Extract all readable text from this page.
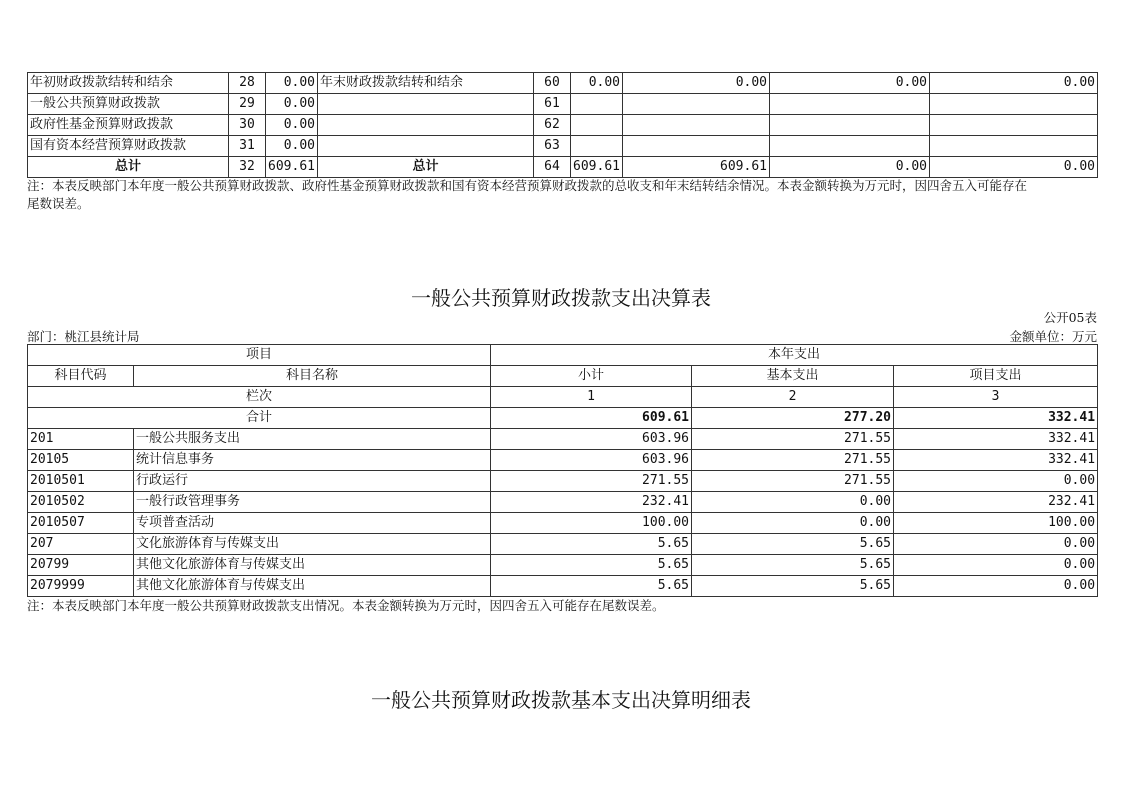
年初财政拨款结转和结余	28	0.00	年末财政拨款结转和结余	60	0.00	0.00	0.00	0.00
一般公共预算财政拨款	29	0.00		61				
政府性基金预算财政拨款	30	0.00		62				
国有资本经营预算财政拨款	31	0.00		63				
总计	32	609.61	总计	64	609.61	609.61	0.00	0.00
注：本表反映部门本年度一般公共预算财政拨款、政府性基金预算财政拨款和国有资本经营预算财政拨款的总收支和年末结转结余情况。本表金额转换为万元时，因四舍五入可能存在
尾数误差。
一般公共预算财政拨款支出决算表
公开05表
部门：桃江县统计局	金额单位：万元
项目		本年支出		
科目代码	科目名称	小计	基本支出	项目支出
栏次		1	2	3
合计		609.61	277.20	332.41
201	一般公共服务支出	603.96	271.55	332.41
20105	统计信息事务	603.96	271.55	332.41
2010501	行政运行	271.55	271.55	0.00
2010502	一般行政管理事务	232.41	0.00	232.41
2010507	专项普查活动	100.00	0.00	100.00
207	文化旅游体育与传媒支出	5.65	5.65	0.00
20799	其他文化旅游体育与传媒支出	5.65	5.65	0.00
2079999	其他文化旅游体育与传媒支出	5.65	5.65	0.00
注：本表反映部门本年度一般公共预算财政拨款支出情况。本表金额转换为万元时，因四舍五入可能存在尾数误差。
一般公共预算财政拨款基本支出决算明细表
